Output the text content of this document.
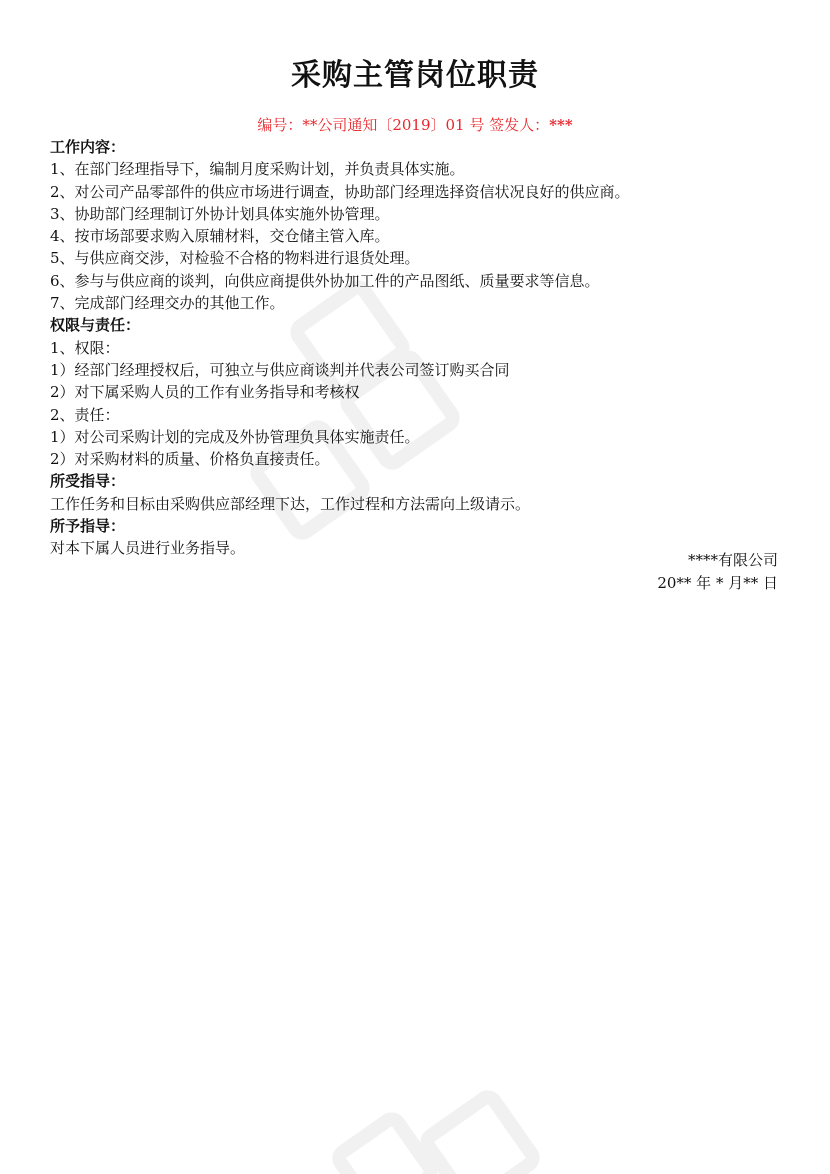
采购主管岗位职责
编号：**公司通知〔2019〕01 号 签发人：***
工作内容：
1、在部门经理指导下，编制月度采购计划，并负责具体实施。
2、对公司产品零部件的供应市场进行调查，协助部门经理选择资信状况良好的供应商。
3、协助部门经理制订外协计划具体实施外协管理。
4、按市场部要求购入原辅材料，交仓储主管入库。
5、与供应商交涉，对检验不合格的物料进行退货处理。
6、参与与供应商的谈判，向供应商提供外协加工件的产品图纸、质量要求等信息。
7、完成部门经理交办的其他工作。
权限与责任：
1、权限：
1）经部门经理授权后，可独立与供应商谈判并代表公司签订购买合同
2）对下属采购人员的工作有业务指导和考核权
2、责任：
1）对公司采购计划的完成及外协管理负具体实施责任。
2）对采购材料的质量、价格负直接责任。
所受指导：
工作任务和目标由采购供应部经理下达，工作过程和方法需向上级请示。
所予指导：
对本下属人员进行业务指导。
****有限公司
20** 年 * 月** 日
